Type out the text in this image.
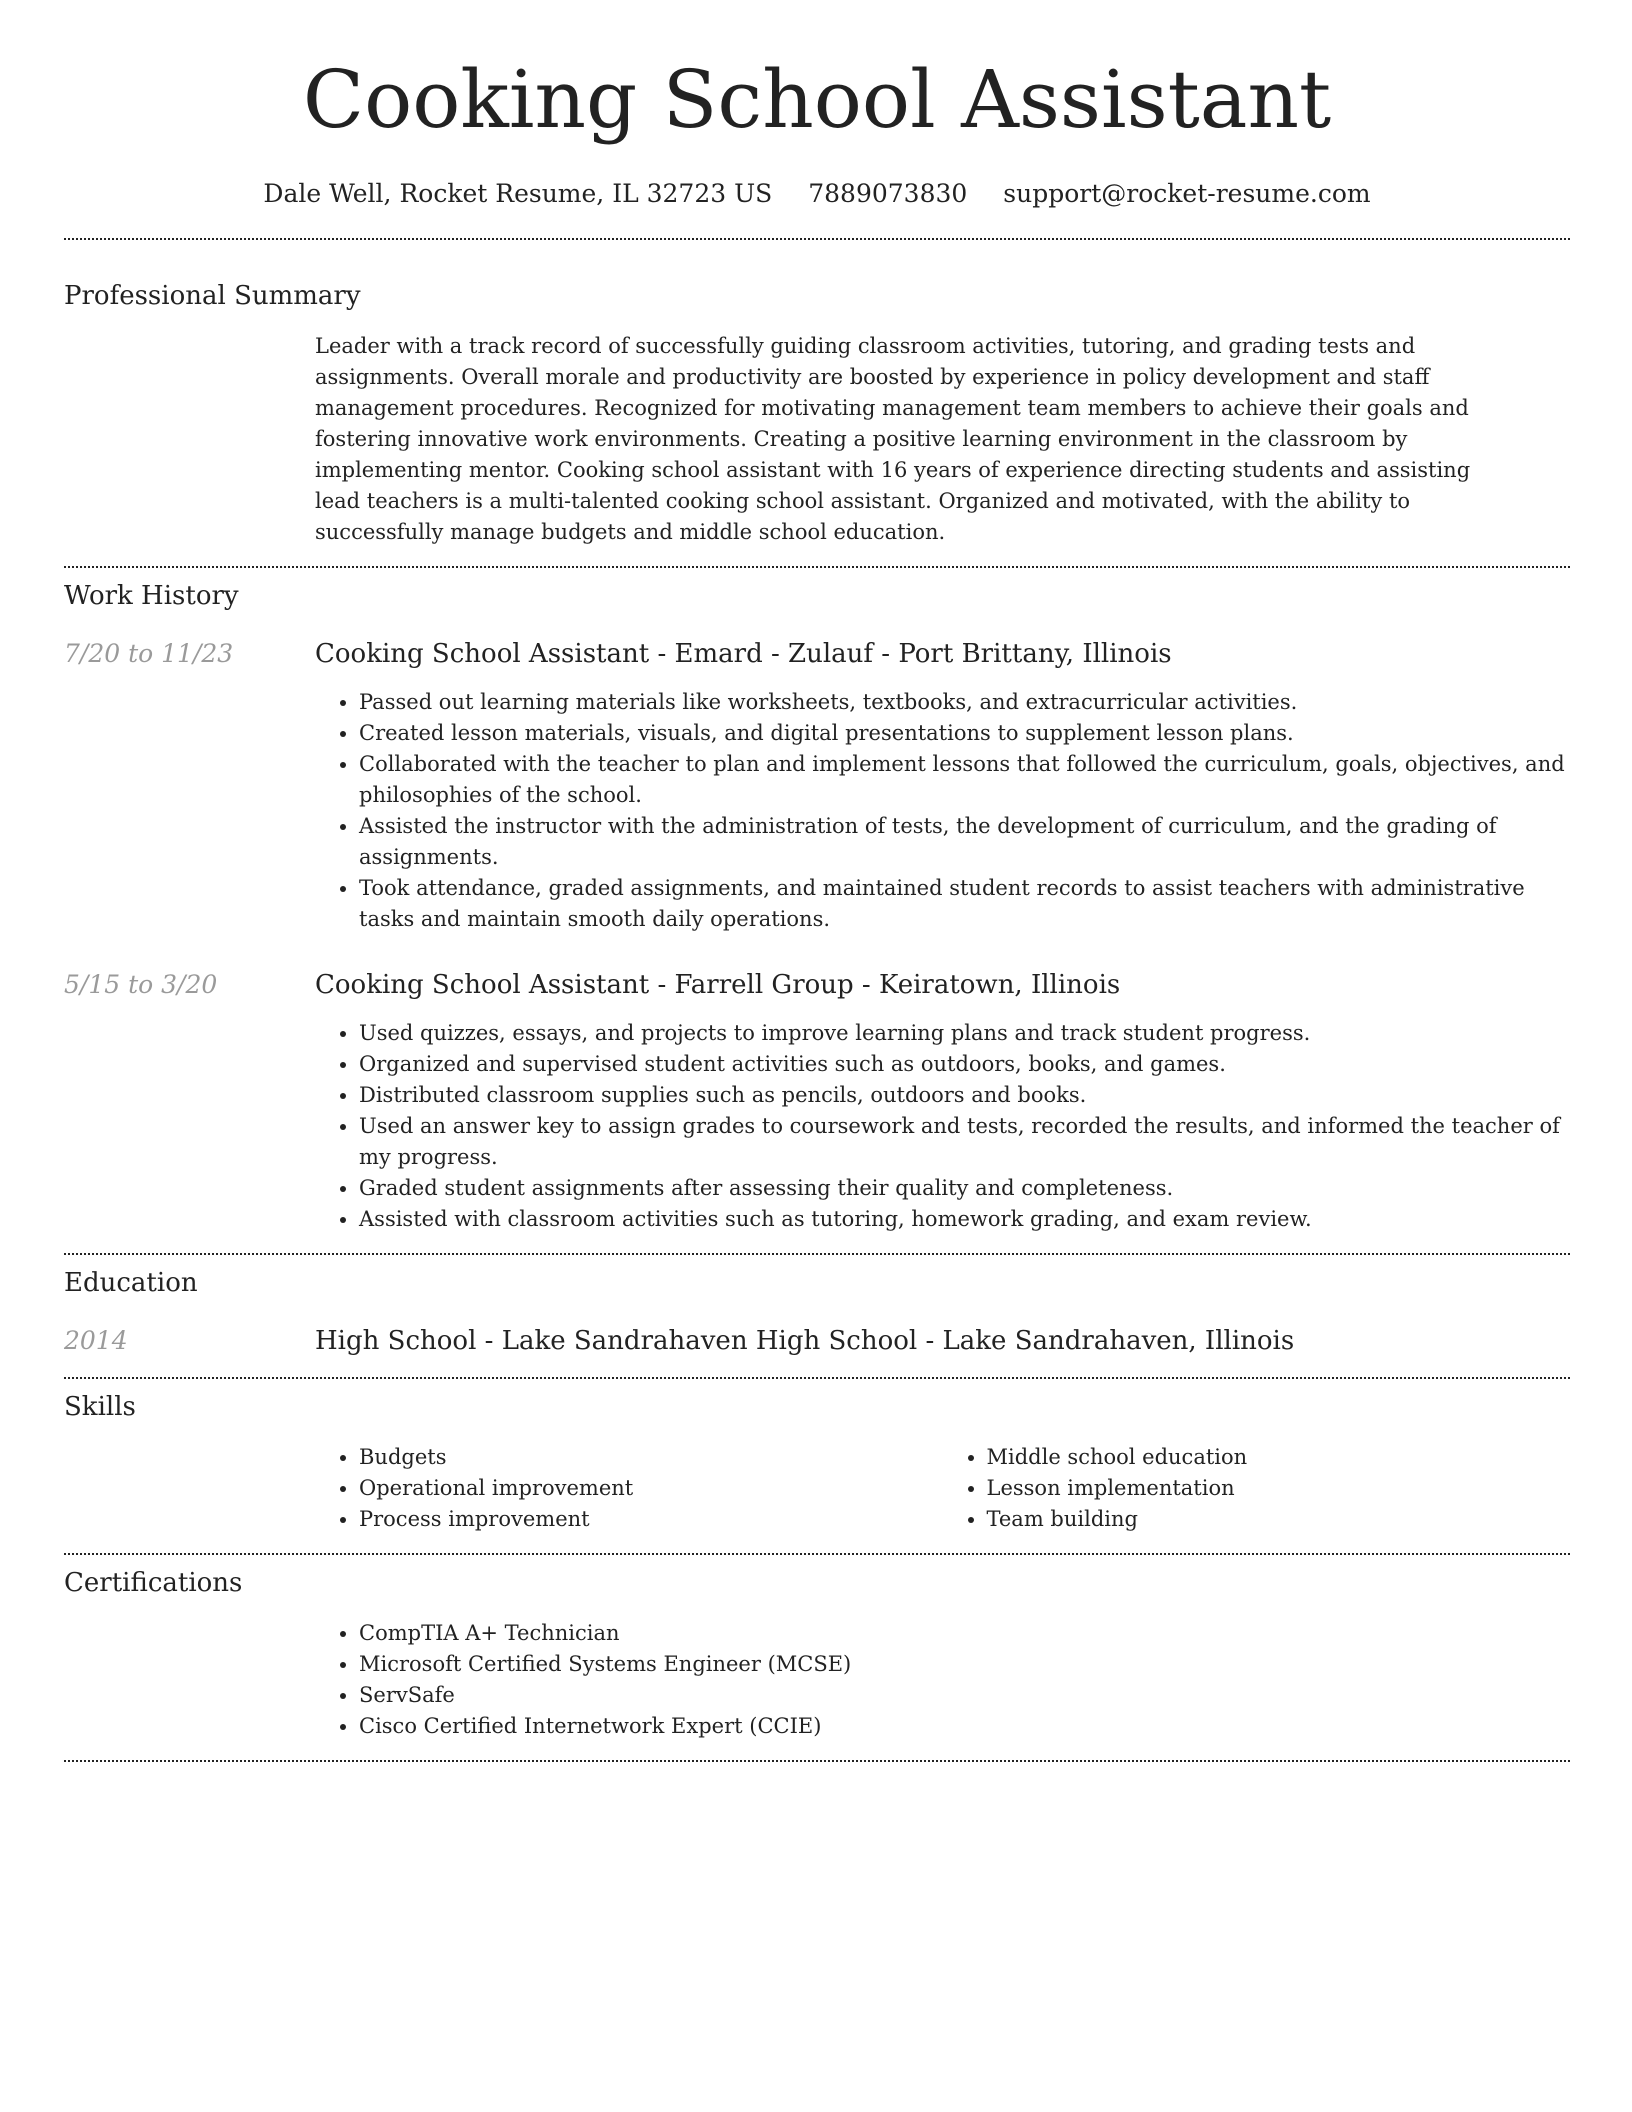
Cooking School Assistant
Dale Well, Rocket Resume, IL 32723 US 7889073830 support@rocket-resume.com
Professional Summary

Leader with a track record of successfully guiding classroom activities, tutoring, and grading tests and assignments. Overall morale and productivity are boosted by experience in policy development and staff management procedures. Recognized for motivating management team members to achieve their goals and fostering innovative work environments. Creating a positive learning environment in the classroom by implementing mentor. Cooking school assistant with 16 years of experience directing students and assisting lead teachers is a multi-talented cooking school assistant. Organized and motivated, with the ability to successfully manage budgets and middle school education.

Work History
7/20 to 11/23	Cooking School Assistant - Emard - Zulauf - Port Brittany, Illinois
• Passed out learning materials like worksheets, textbooks, and extracurricular activities.
• Created lesson materials, visuals, and digital presentations to supplement lesson plans.
• Collaborated with the teacher to plan and implement lessons that followed the curriculum, goals, objectives, and philosophies of the school.
• Assisted the instructor with the administration of tests, the development of curriculum, and the grading of assignments.
• Took attendance, graded assignments, and maintained student records to assist teachers with administrative tasks and maintain smooth daily operations.
5/15 to 3/20	Cooking School Assistant - Farrell Group - Keiratown, Illinois
• Used quizzes, essays, and projects to improve learning plans and track student progress.
• Organized and supervised student activities such as outdoors, books, and games.
• Distributed classroom supplies such as pencils, outdoors and books.
• Used an answer key to assign grades to coursework and tests, recorded the results, and informed the teacher of my progress.
• Graded student assignments after assessing their quality and completeness.
• Assisted with classroom activities such as tutoring, homework grading, and exam review.
Education
2014	High School - Lake Sandrahaven High School - Lake Sandrahaven, Illinois
Skills
• Budgets
• Operational improvement
• Process improvement
• Middle school education
• Lesson implementation
• Team building
Certifications
• CompTIA A+ Technician
• Microsoft Certified Systems Engineer (MCSE)
• ServSafe
• Cisco Certified Internetwork Expert (CCIE)
